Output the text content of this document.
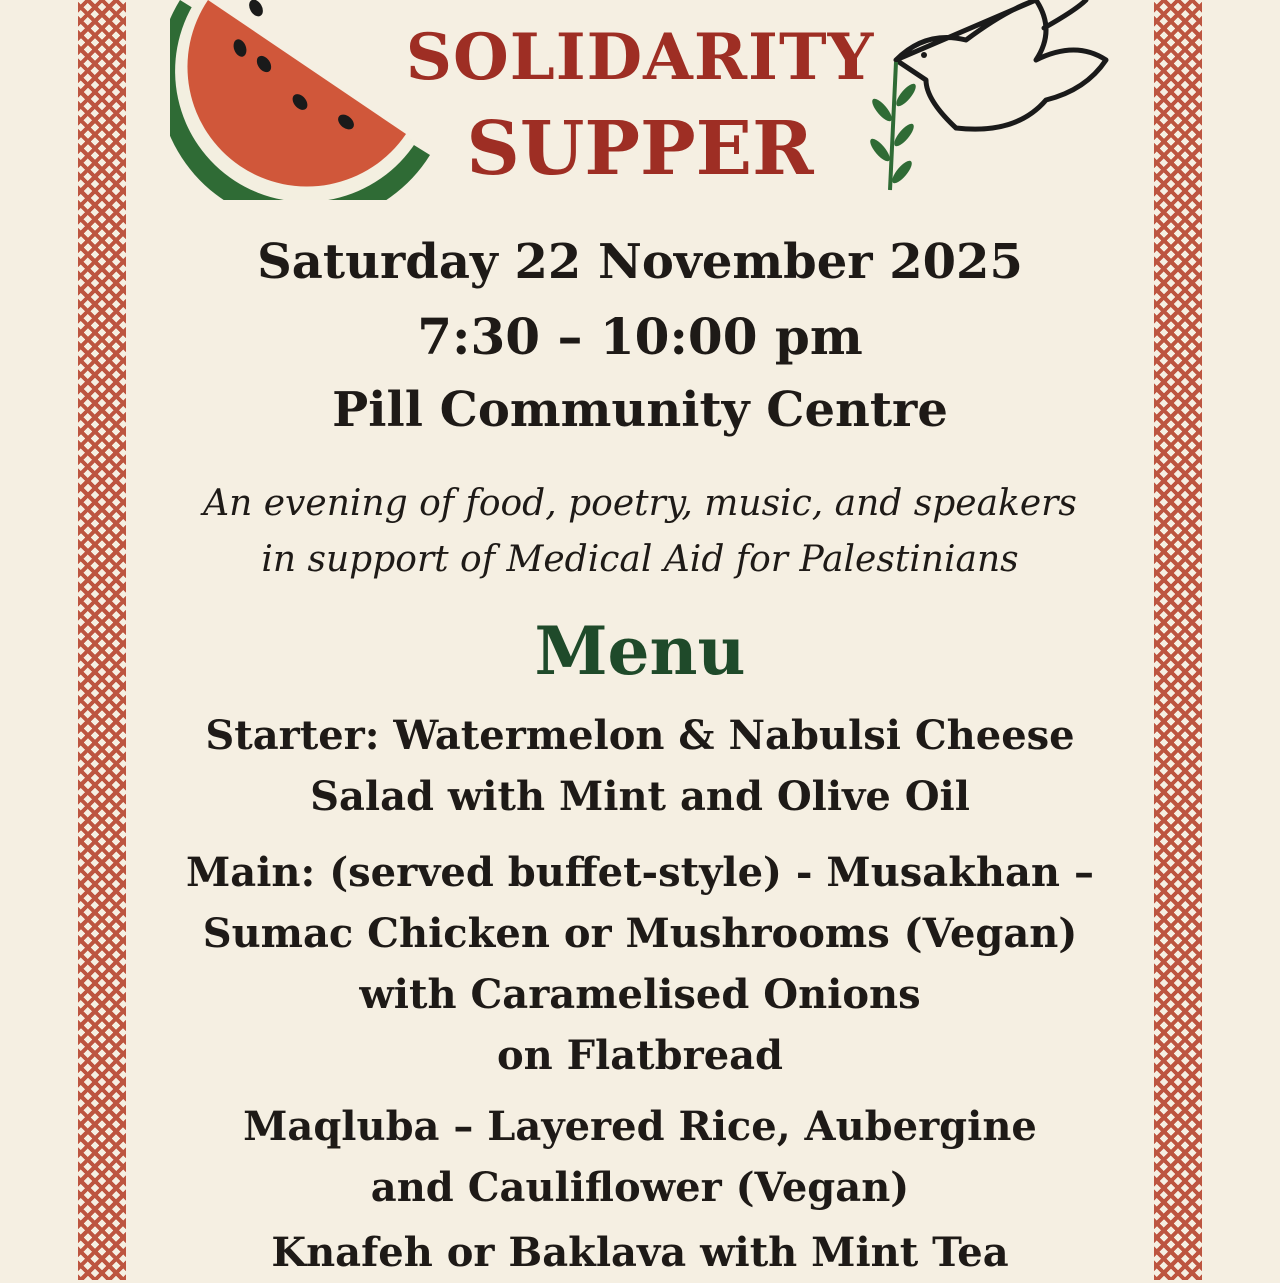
SOLIDARITY
SUPPER

Saturday 22 November 2025

7:30 – 10:00 pm

Pill Community Centre

An evening of food, poetry, music, and speakers
in support of Medical Aid for Palestinians

Menu
Starter: Watermelon & Nabulsi Cheese
Salad with Mint and Olive Oil
Main: (served buffet-style) - Musakhan –
Sumac Chicken or Mushrooms (Vegan)
with Caramelised Onions
on Flatbread
Maqluba – Layered Rice, Aubergine
and Cauliflower (Vegan)
Knafeh or Baklava with Mint Tea
